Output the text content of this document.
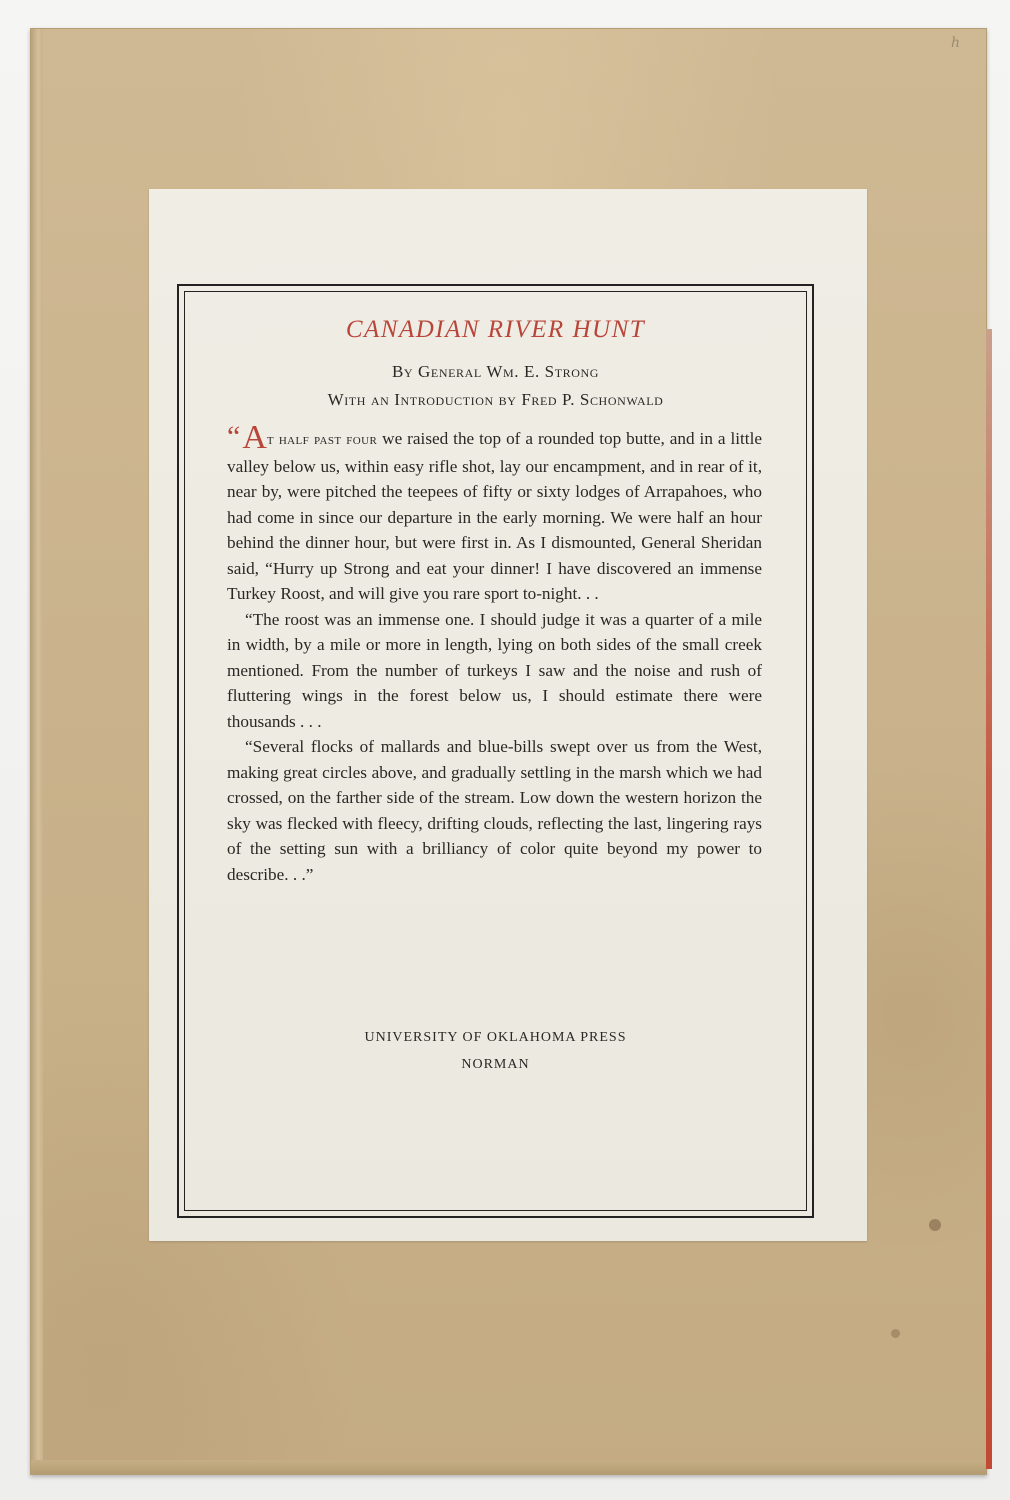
h
CANADIAN RIVER HUNT
By General Wm. E. Strong
With an Introduction by Fred P. Schonwald

“At half past four we raised the top of a rounded top butte, and in a little valley below us, within easy rifle shot, lay our encampment, and in rear of it, near by, were pitched the teepees of fifty or sixty lodges of Arrapahoes, who had come in since our departure in the early morning. We were half an hour behind the dinner hour, but were first in. As I dismounted, General Sheridan said, “Hurry up Strong and eat your dinner! I have discovered an immense Turkey Roost, and will give you rare sport to-night. . .

“The roost was an immense one. I should judge it was a quarter of a mile in width, by a mile or more in length, lying on both sides of the small creek mentioned. From the number of turkeys I saw and the noise and rush of fluttering wings in the forest below us, I should estimate there were thousands . . .

“Several flocks of mallards and blue-bills swept over us from the West, making great circles above, and gradually settling in the marsh which we had crossed, on the farther side of the stream. Low down the western horizon the sky was flecked with fleecy, drifting clouds, reflecting the last, lingering rays of the setting sun with a brilliancy of color quite beyond my power to describe. . .”

UNIVERSITY OF OKLAHOMA PRESS
NORMAN
